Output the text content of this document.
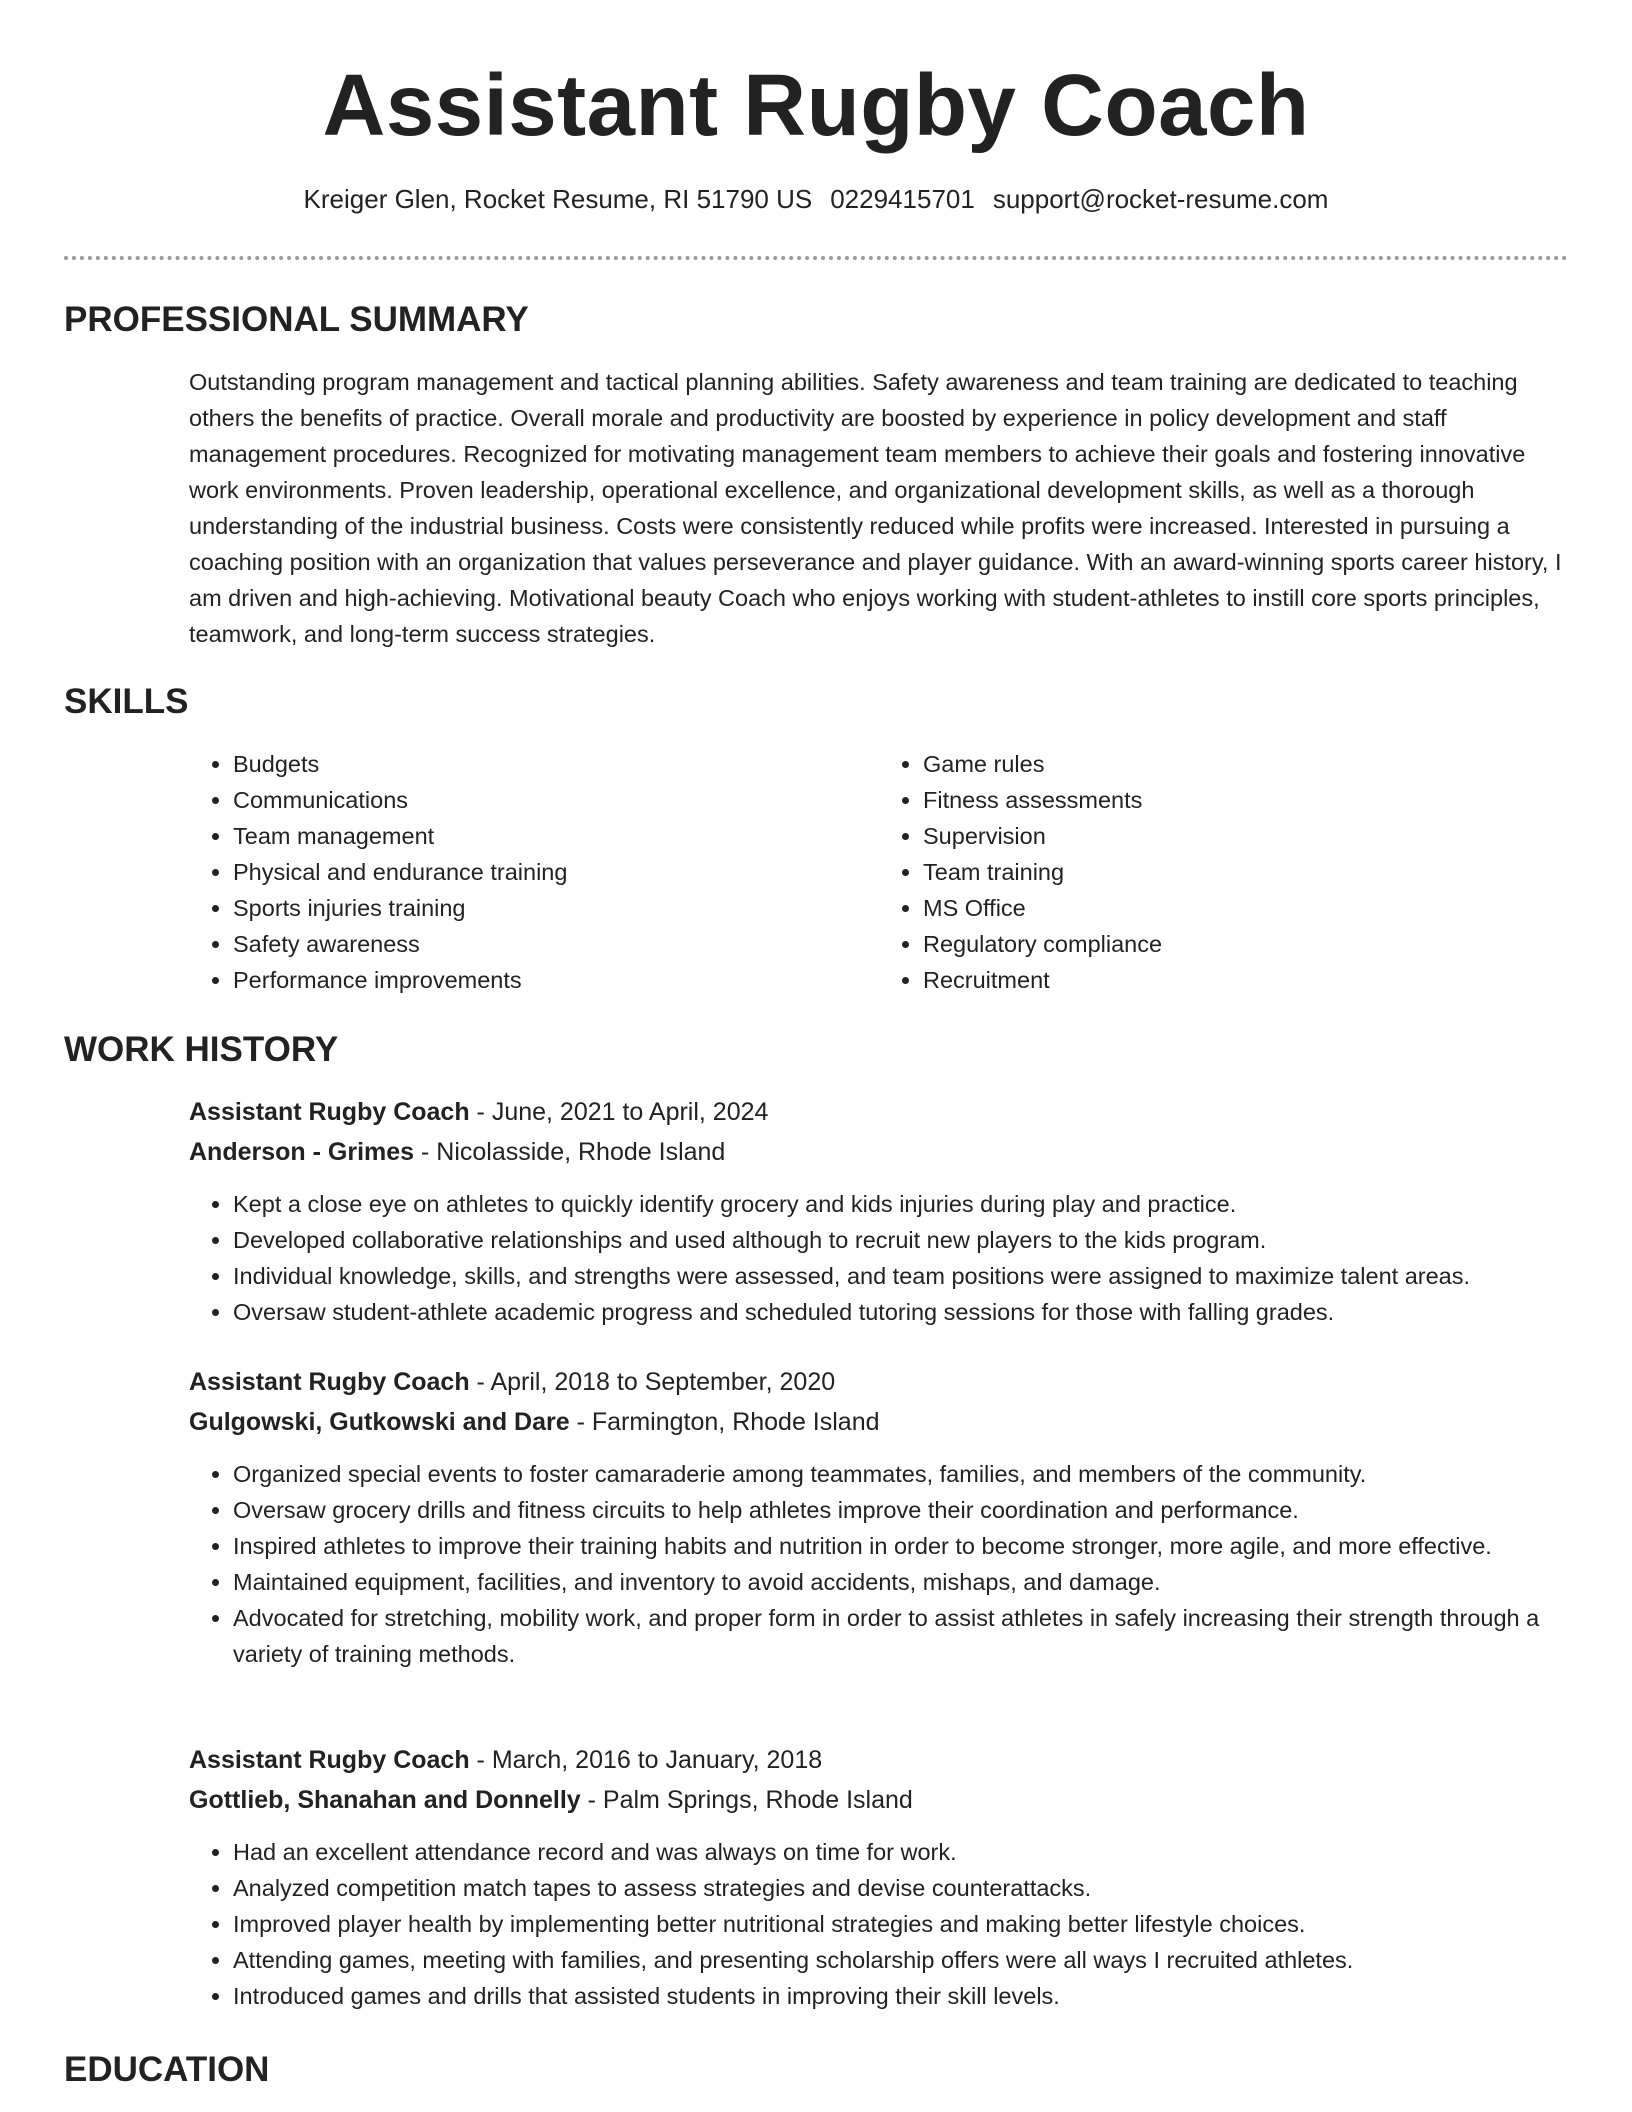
Assistant Rugby Coach
Kreiger Glen, Rocket Resume, RI 51790 US 0229415701 support@rocket-resume.com
PROFESSIONAL SUMMARY

Outstanding program management and tactical planning abilities. Safety awareness and team training are dedicated to teaching others the benefits of practice. Overall morale and productivity are boosted by experience in policy development and staff management procedures. Recognized for motivating management team members to achieve their goals and fostering innovative work environments. Proven leadership, operational excellence, and organizational development skills, as well as a thorough understanding of the industrial business. Costs were consistently reduced while profits were increased. Interested in pursuing a coaching position with an organization that values perseverance and player guidance. With an award-winning sports career history, I am driven and high-achieving. Motivational beauty Coach who enjoys working with student-athletes to instill core sports principles, teamwork, and long-term success strategies.

SKILLS
• Budgets
• Communications
• Team management
• Physical and endurance training
• Sports injuries training
• Safety awareness
• Performance improvements
• Game rules
• Fitness assessments
• Supervision
• Team training
• MS Office
• Regulatory compliance
• Recruitment
WORK HISTORY

Assistant Rugby Coach - June, 2021 to April, 2024

Anderson - Grimes - Nicolasside, Rhode Island

• Kept a close eye on athletes to quickly identify grocery and kids injuries during play and practice.
• Developed collaborative relationships and used although to recruit new players to the kids program.
• Individual knowledge, skills, and strengths were assessed, and team positions were assigned to maximize talent areas.
• Oversaw student-athlete academic progress and scheduled tutoring sessions for those with falling grades.

Assistant Rugby Coach - April, 2018 to September, 2020

Gulgowski, Gutkowski and Dare - Farmington, Rhode Island

• Organized special events to foster camaraderie among teammates, families, and members of the community.
• Oversaw grocery drills and fitness circuits to help athletes improve their coordination and performance.
• Inspired athletes to improve their training habits and nutrition in order to become stronger, more agile, and more effective.
• Maintained equipment, facilities, and inventory to avoid accidents, mishaps, and damage.
• Advocated for stretching, mobility work, and proper form in order to assist athletes in safely increasing their strength through a variety of training methods.

Assistant Rugby Coach - March, 2016 to January, 2018

Gottlieb, Shanahan and Donnelly - Palm Springs, Rhode Island

• Had an excellent attendance record and was always on time for work.
• Analyzed competition match tapes to assess strategies and devise counterattacks.
• Improved player health by implementing better nutritional strategies and making better lifestyle choices.
• Attending games, meeting with families, and presenting scholarship offers were all ways I recruited athletes.
• Introduced games and drills that assisted students in improving their skill levels.
EDUCATION
